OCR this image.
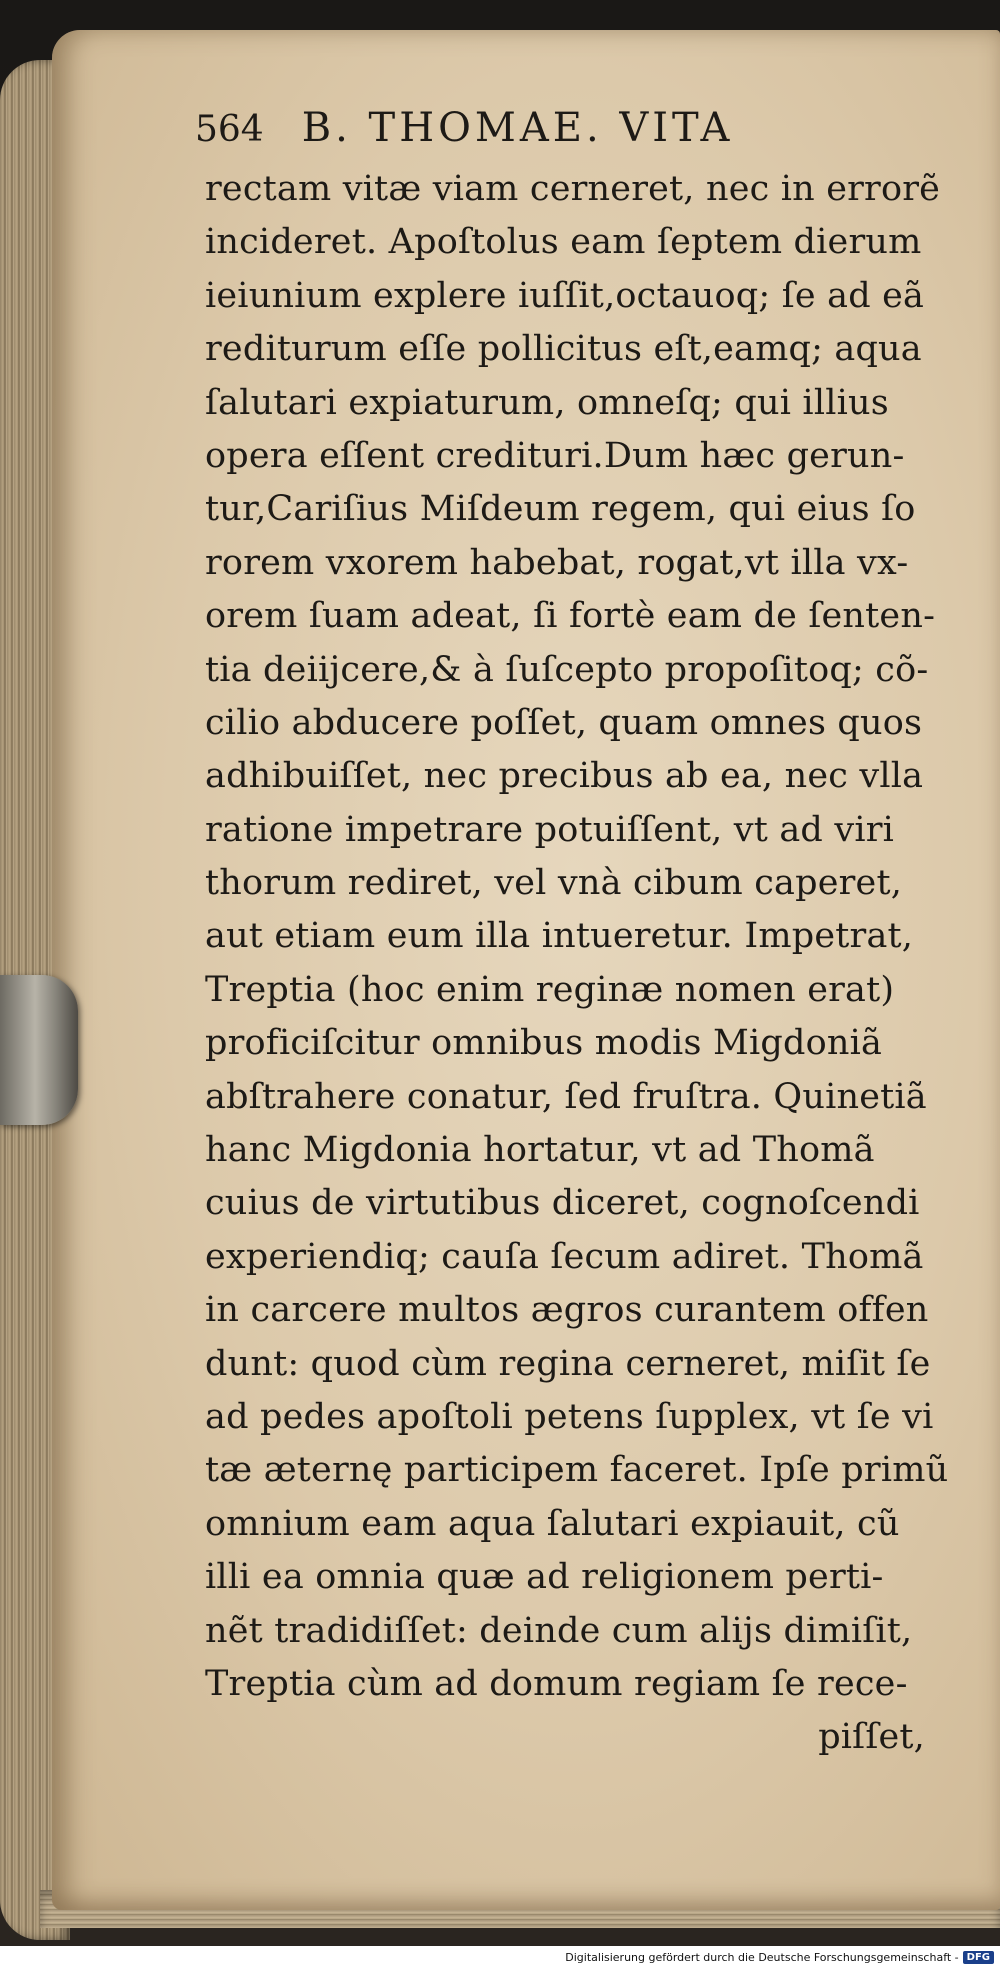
564 B. THOMAE. VITA
rectam vitæ viam cerneret, nec in errorẽ
incideret. Apoſtolus eam ſeptem dierum
ieiunium explere iuſſit,octauoq; ſe ad eã
rediturum eſſe pollicitus eſt,eamq; aqua
ſalutari expiaturum, omneſq; qui illius
opera eſſent credituri.Dum hæc gerun-
tur,Cariſius Miſdeum regem, qui eius ſo
rorem vxorem habebat, rogat,vt illa vx-
orem ſuam adeat, ſi fortè eam de ſenten-
tia deiijcere,& à ſuſcepto propoſitoq; cõ-
cilio abducere poſſet, quam omnes quos
adhibuiſſet, nec precibus ab ea, nec vlla
ratione impetrare potuiſſent, vt ad viri
thorum rediret, vel vnà cibum caperet,
aut etiam eum illa intueretur. Impetrat,
Treptia (hoc enim reginæ nomen erat)
proficiſcitur omnibus modis Migdoniã
abſtrahere conatur, ſed fruſtra. Quinetiã
hanc Migdonia hortatur, vt ad Thomã
cuius de virtutibus diceret, cognoſcendi
experiendiq; cauſa ſecum adiret. Thomã
in carcere multos ægros curantem offen
dunt: quod cùm regina cerneret, miſit ſe
ad pedes apoſtoli petens ſupplex, vt ſe vi
tæ æternę participem faceret. Ipſe primũ
omnium eam aqua ſalutari expiauit, cũ
illi ea omnia quæ ad religionem perti-
nẽt tradidiſſet: deinde cum alijs dimiſit,
Treptia cùm ad domum regiam ſe rece-
piſſet,
Digitalisierung gefördert durch die Deutsche Forschungsgemeinschaft - DFG
